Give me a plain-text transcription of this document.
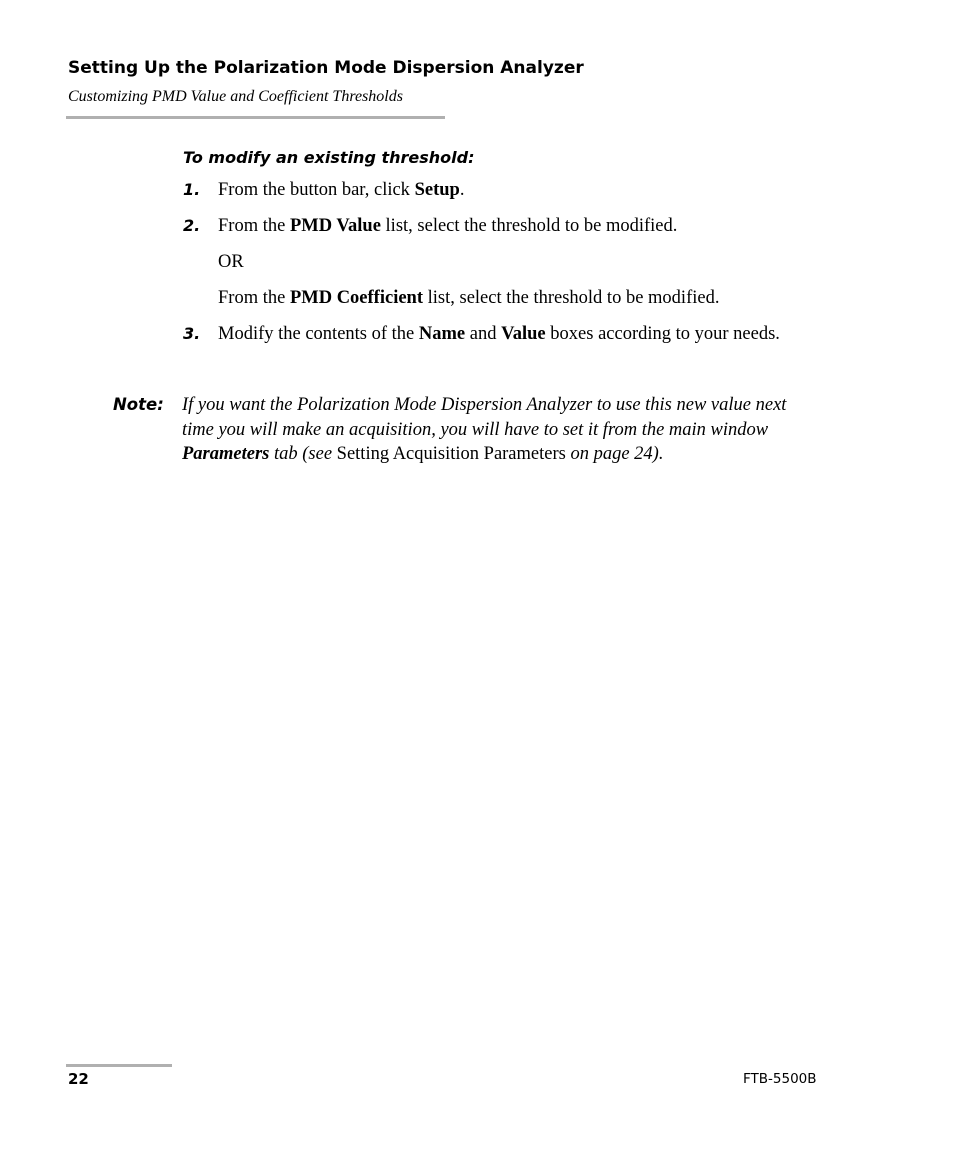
Setting Up the Polarization Mode Dispersion Analyzer
Customizing PMD Value and Coefficient Thresholds
To modify an existing threshold:
1. From the button bar, click Setup.
2. From the PMD Value list, select the threshold to be modified.
OR
From the PMD Coefficient list, select the threshold to be modified.
3. Modify the contents of the Name and Value boxes according to your needs.
Note: If you want the Polarization Mode Dispersion Analyzer to use this new value next time you will make an acquisition, you will have to set it from the main window Parameters tab (see Setting Acquisition Parameters on page 24).
22	FTB-5500B
